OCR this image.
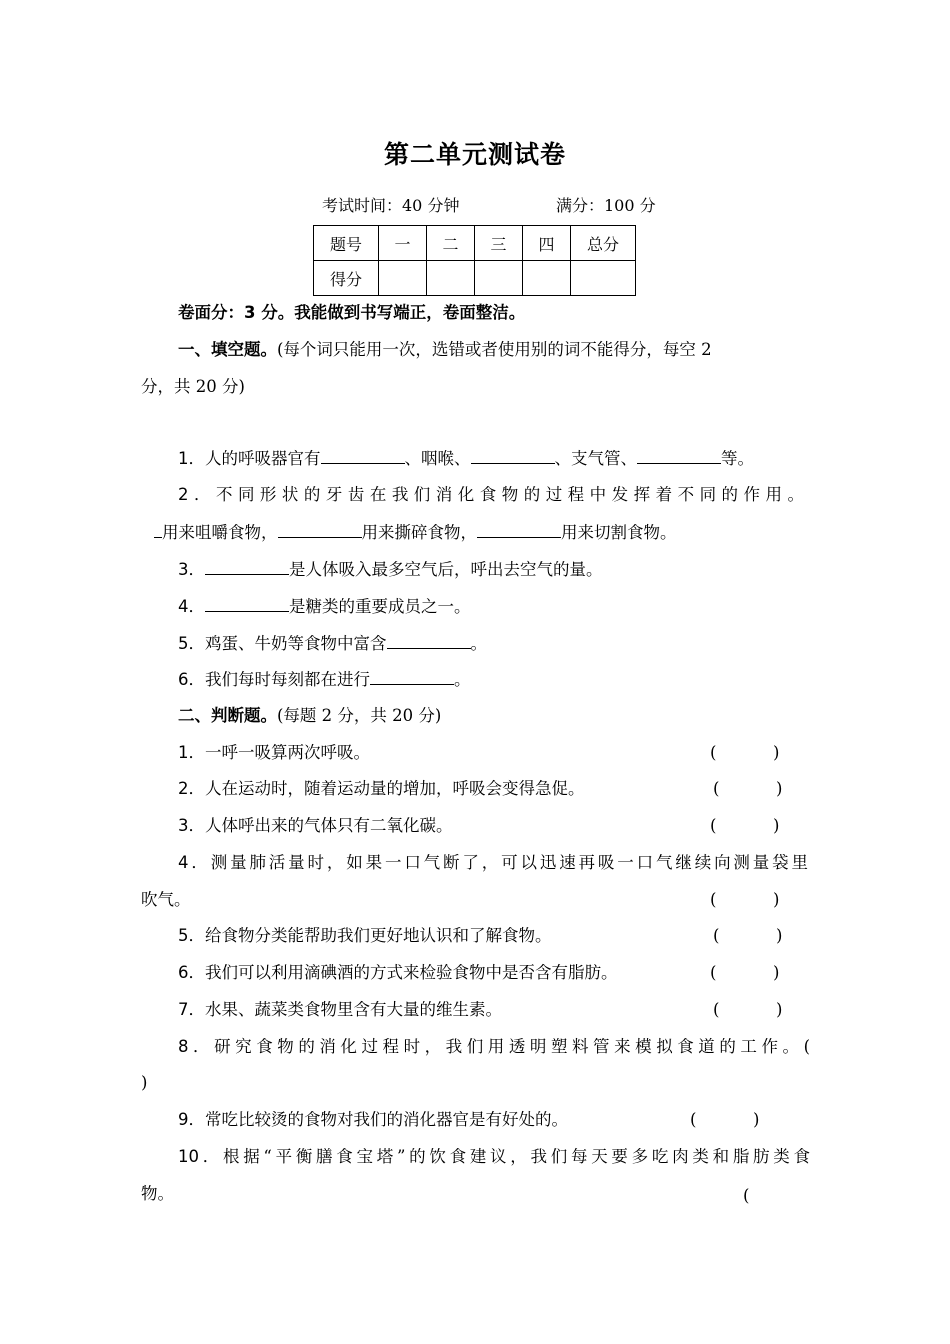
第二单元测试卷
考试时间：40 分钟	满分：100 分
题号	一	二	三	四	总分
得分					
卷面分：3 分。我能做到书写端正，卷面整洁。
一、填空题。(每个词只能用一次，选错或者使用别的词不能得分，每空 2
分，共 20 分)
1．人的呼吸器官有	、咽喉、	、支气管、	等。
2．不同形状的牙齿在我们消化食物的过程中发挥着不同的作用。
用来咀嚼食物，	用来撕碎食物，	用来切割食物。
3．	是人体吸入最多空气后，呼出去空气的量。
4．	是糖类的重要成员之一。
5．鸡蛋、牛奶等食物中富含	。
6．我们每时每刻都在进行	。
二、判断题。(每题 2 分，共 20 分)
1．一呼一吸算两次呼吸。	(	)
2．人在运动时，随着运动量的增加，呼吸会变得急促。	(	)
3．人体呼出来的气体只有二氧化碳。	(	)
4．测量肺活量时，如果一口气断了，可以迅速再吸一口气继续向测量袋里
吹气。	(	)
5．给食物分类能帮助我们更好地认识和了解食物。	(	)
6．我们可以利用滴碘酒的方式来检验食物中是否含有脂肪。	(	)
7．水果、蔬菜类食物里含有大量的维生素。	(	)
8．研究食物的消化过程时，我们用透明塑料管来模拟食道的工作。(
)
9．常吃比较烫的食物对我们的消化器官是有好处的。	(	)
10．根据“平衡膳食宝塔”的饮食建议，我们每天要多吃肉类和脂肪类食
物。	(
